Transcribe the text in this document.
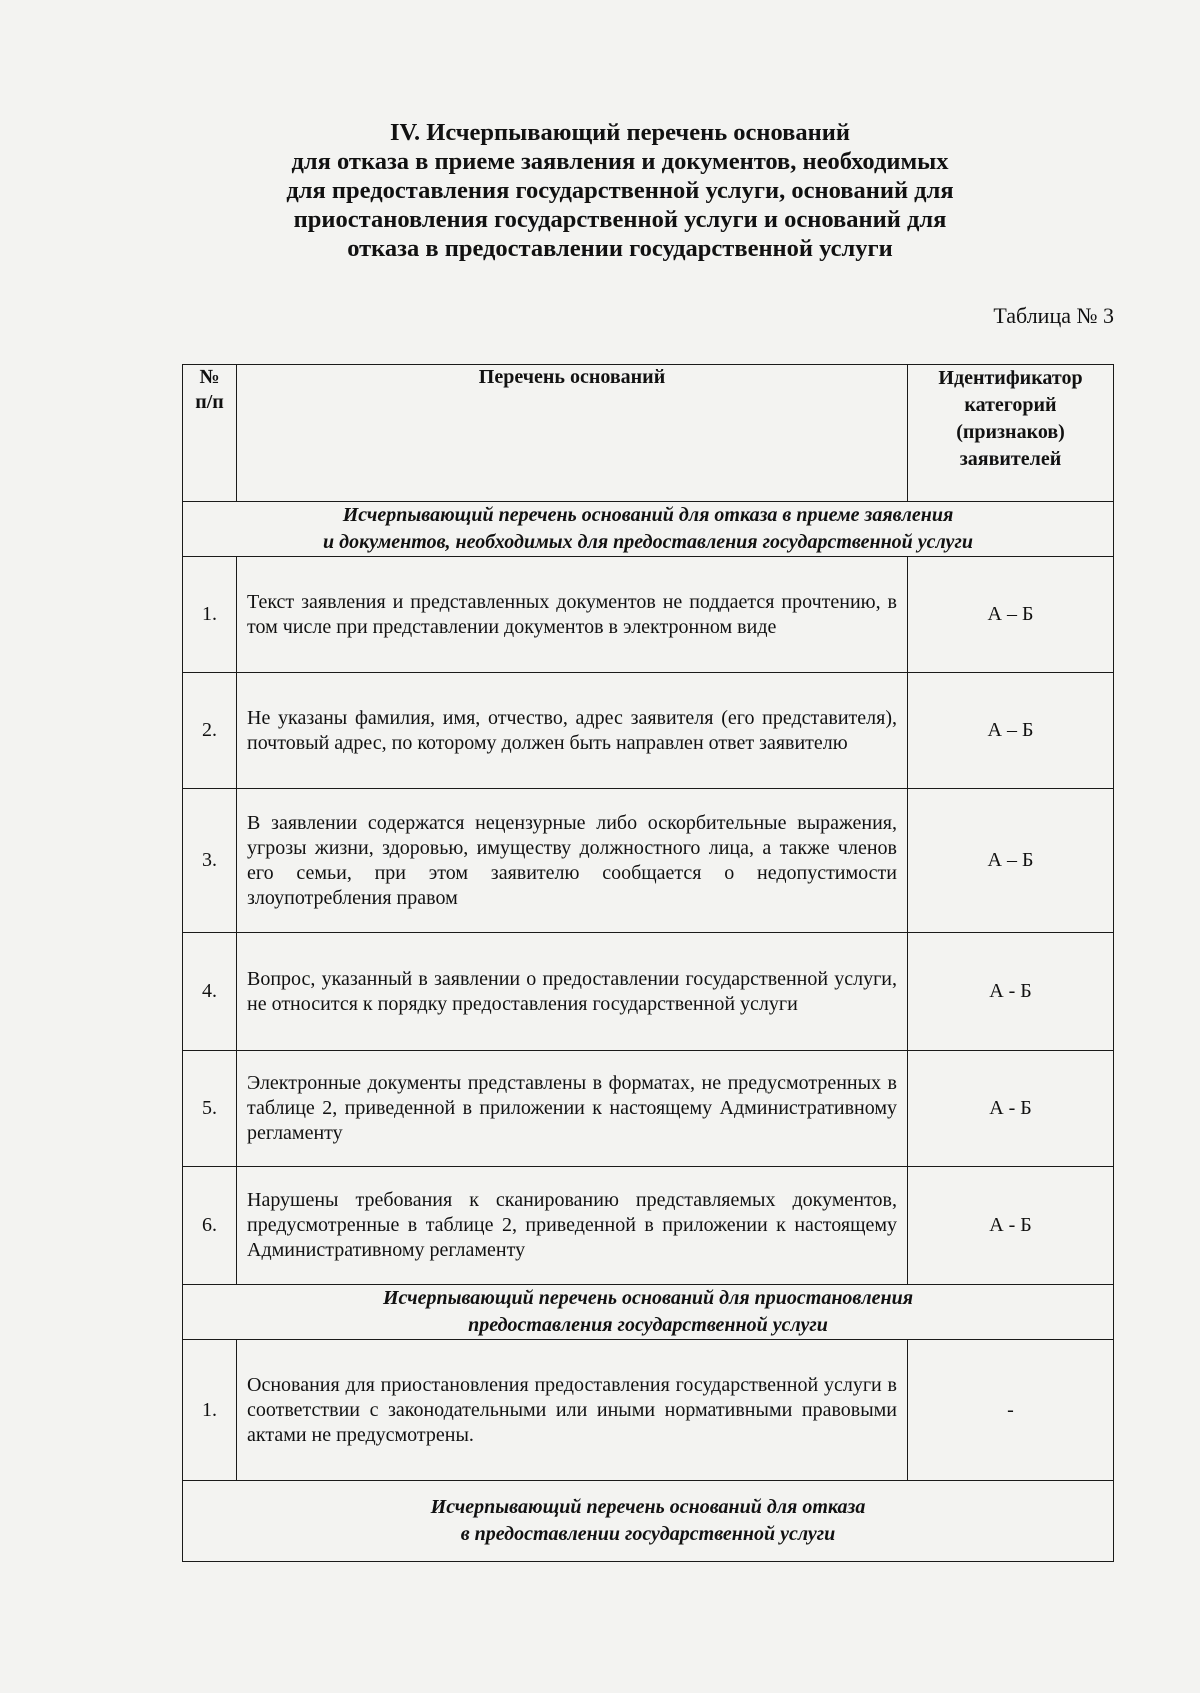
IV. Исчерпывающий перечень оснований
для отказа в приеме заявления и документов, необходимых
для предоставления государственной услуги, оснований для
приостановления государственной услуги и оснований для
отказа в предоставлении государственной услуги
Таблица № 3
№ п/п	Перечень оснований	Идентификатор категорий (признаков) заявителей

Исчерпывающий перечень оснований для отказа в приеме заявления
и документов, необходимых для предоставления государственной услуги		

1.	Текст заявления и представленных документов не поддается прочтению, в том числе при представлении документов в электронном виде	А – Б
2.	Не указаны фамилия, имя, отчество, адрес заявителя (его представителя), почтовый адрес, по которому должен быть направлен ответ заявителю	А – Б
3.	В заявлении содержатся нецензурные либо оскорбительные выражения, угрозы жизни, здоровью, имуществу должностного лица, а также членов его семьи, при этом заявителю сообщается о недопустимости злоупотребления правом	А – Б
4.	Вопрос, указанный в заявлении о предоставлении государственной услуги, не относится к порядку предоставления государственной услуги	А - Б
5.	Электронные документы представлены в форматах, не предусмотренных в таблице 2, приведенной в приложении к настоящему Административному регламенту	А - Б
6.	Нарушены требования к сканированию представляемых документов, предусмотренные в таблице 2, приведенной в приложении к настоящему Административному регламенту	А - Б

Исчерпывающий перечень оснований для приостановления
предоставления государственной услуги		

1.	Основания для приостановления предоставления государственной услуги в соответствии с законодательными или иными нормативными правовыми актами не предусмотрены.	-

Исчерпывающий перечень оснований для отказа
в предоставлении государственной услуги		
